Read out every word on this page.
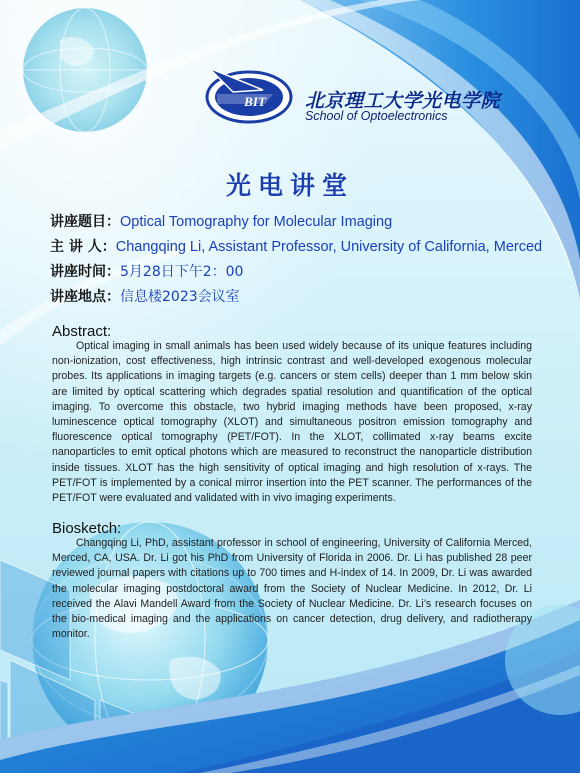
BIT 北京理工大学光电学院
School of Optoelectronics
光电讲堂
讲座题目：Optical Tomography for Molecular Imaging
主 讲 人：Changqing Li, Assistant Professor, University of California, Merced
讲座时间：5月28日下午2：00
讲座地点：信息楼2023会议室
Abstract:
Optical imaging in small animals has been used widely because of its unique features including non-ionization, cost effectiveness, high intrinsic contrast and well-developed exogenous molecular probes. Its applications in imaging targets (e.g. cancers or stem cells) deeper than 1 mm below skin are limited by optical scattering which degrades spatial resolution and quantification of the optical imaging. To overcome this obstacle, two hybrid imaging methods have been proposed, x-ray luminescence optical tomography (XLOT) and simultaneous positron emission tomography and fluorescence optical tomography (PET/FOT). In the XLOT, collimated x-ray beams excite nanoparticles to emit optical photons which are measured to reconstruct the nanoparticle distribution inside tissues. XLOT has the high sensitivity of optical imaging and high resolution of x-rays. The PET/FOT is implemented by a conical mirror insertion into the PET scanner. The performances of the PET/FOT were evaluated and validated with in vivo imaging experiments.
Biosketch:
Changqing Li, PhD, assistant professor in school of engineering, University of California Merced, Merced, CA, USA. Dr. Li got his PhD from University of Florida in 2006. Dr. Li has published 28 peer reviewed journal papers with citations up to 700 times and H-index of 14. In 2009, Dr. Li was awarded the molecular imaging postdoctoral award from the Society of Nuclear Medicine. In 2012, Dr. Li received the Alavi Mandell Award from the Society of Nuclear Medicine. Dr. Li’s research focuses on the bio-medical imaging and the applications on cancer detection, drug delivery, and radiotherapy monitor.
